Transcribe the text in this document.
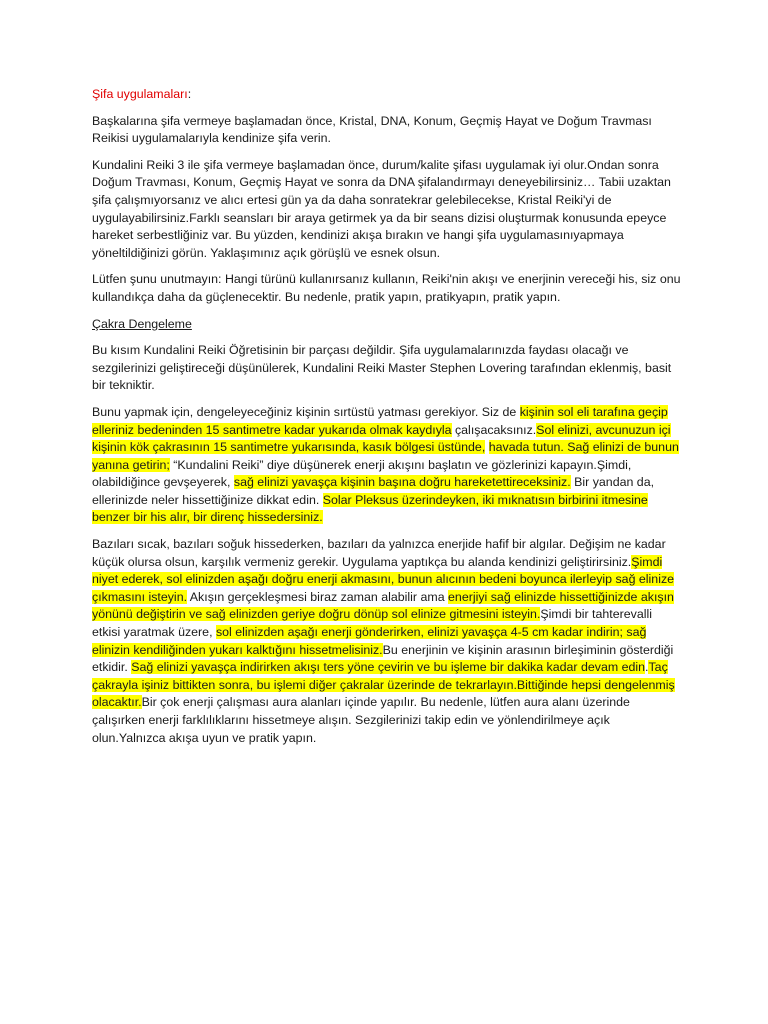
Şifa uygulamaları:

Başkalarına şifa vermeye başlamadan önce, Kristal, DNA, Konum, Geçmiş Hayat ve Doğum Travması Reikisi uygulamalarıyla kendinize şifa verin.

Kundalini Reiki 3 ile şifa vermeye başlamadan önce, durum/kalite şifası uygulamak iyi olur.Ondan sonra Doğum Travması, Konum, Geçmiş Hayat ve sonra da DNA şifalandırmayı deneyebilirsiniz… Tabii uzaktan şifa çalışmıyorsanız ve alıcı ertesi gün ya da daha sonratekrar gelebilecekse, Kristal Reiki'yi de uygulayabilirsiniz.Farklı seansları bir araya getirmek ya da bir seans dizisi oluşturmak konusunda epeyce hareket serbestliğiniz var. Bu yüzden, kendinizi akışa bırakın ve hangi şifa uygulamasınıyapmaya yöneltildiğinizi görün. Yaklaşımınız açık görüşlü ve esnek olsun.

Lütfen şunu unutmayın: Hangi türünü kullanırsanız kullanın, Reiki'nin akışı ve enerjinin vereceği his, siz onu kullandıkça daha da güçlenecektir. Bu nedenle, pratik yapın, pratikyapın, pratik yapın.

Çakra Dengeleme

Bu kısım Kundalini Reiki Öğretisinin bir parçası değildir. Şifa uygulamalarınızda faydası olacağı ve sezgilerinizi geliştireceği düşünülerek, Kundalini Reiki Master Stephen Lovering tarafından eklenmiş, basit bir tekniktir.

Bunu yapmak için, dengeleyeceğiniz kişinin sırtüstü yatması gerekiyor. Siz de kişinin sol eli tarafına geçip elleriniz bedeninden 15 santimetre kadar yukarıda olmak kaydıyla çalışacaksınız.Sol elinizi, avcunuzun içi kişinin kök çakrasının 15 santimetre yukarısında, kasık bölgesi üstünde, havada tutun. Sağ elinizi de bunun yanına getirin; “Kundalini Reiki” diye düşünerek enerji akışını başlatın ve gözlerinizi kapayın.Şimdi, olabildiğince gevşeyerek, sağ elinizi yavaşça kişinin başına doğru hareketettireceksiniz. Bir yandan da, ellerinizde neler hissettiğinize dikkat edin. Solar Pleksus üzerindeyken, iki mıknatısın birbirini itmesine benzer bir his alır, bir direnç hissedersiniz.

Bazıları sıcak, bazıları soğuk hissederken, bazıları da yalnızca enerjide hafif bir algılar. Değişim ne kadar küçük olursa olsun, karşılık vermeniz gerekir. Uygulama yaptıkça bu alanda kendinizi geliştirirsiniz.Şimdi niyet ederek, sol elinizden aşağı doğru enerji akmasını, bunun alıcının bedeni boyunca ilerleyip sağ elinize çıkmasını isteyin. Akışın gerçekleşmesi biraz zaman alabilir ama enerjiyi sağ elinizde hissettiğinizde akışın yönünü değiştirin ve sağ elinizden geriye doğru dönüp sol elinize gitmesini isteyin.Şimdi bir tahterevalli etkisi yaratmak üzere, sol elinizden aşağı enerji gönderirken, elinizi yavaşça 4-5 cm kadar indirin; sağ elinizin kendiliğinden yukarı kalktığını hissetmelisiniz.Bu enerjinin ve kişinin arasının birleşiminin gösterdiği etkidir. Sağ elinizi yavaşça indirirken akışı ters yöne çevirin ve bu işleme bir dakika kadar devam edin.Taç çakrayla işiniz bittikten sonra, bu işlemi diğer çakralar üzerinde de tekrarlayın.Bittiğinde hepsi dengelenmiş olacaktır.Bir çok enerji çalışması aura alanları içinde yapılır. Bu nedenle, lütfen aura alanı üzerinde çalışırken enerji farklılıklarını hissetmeye alışın. Sezgilerinizi takip edin ve yönlendirilmeye açık olun.Yalnızca akışa uyun ve pratik yapın.
